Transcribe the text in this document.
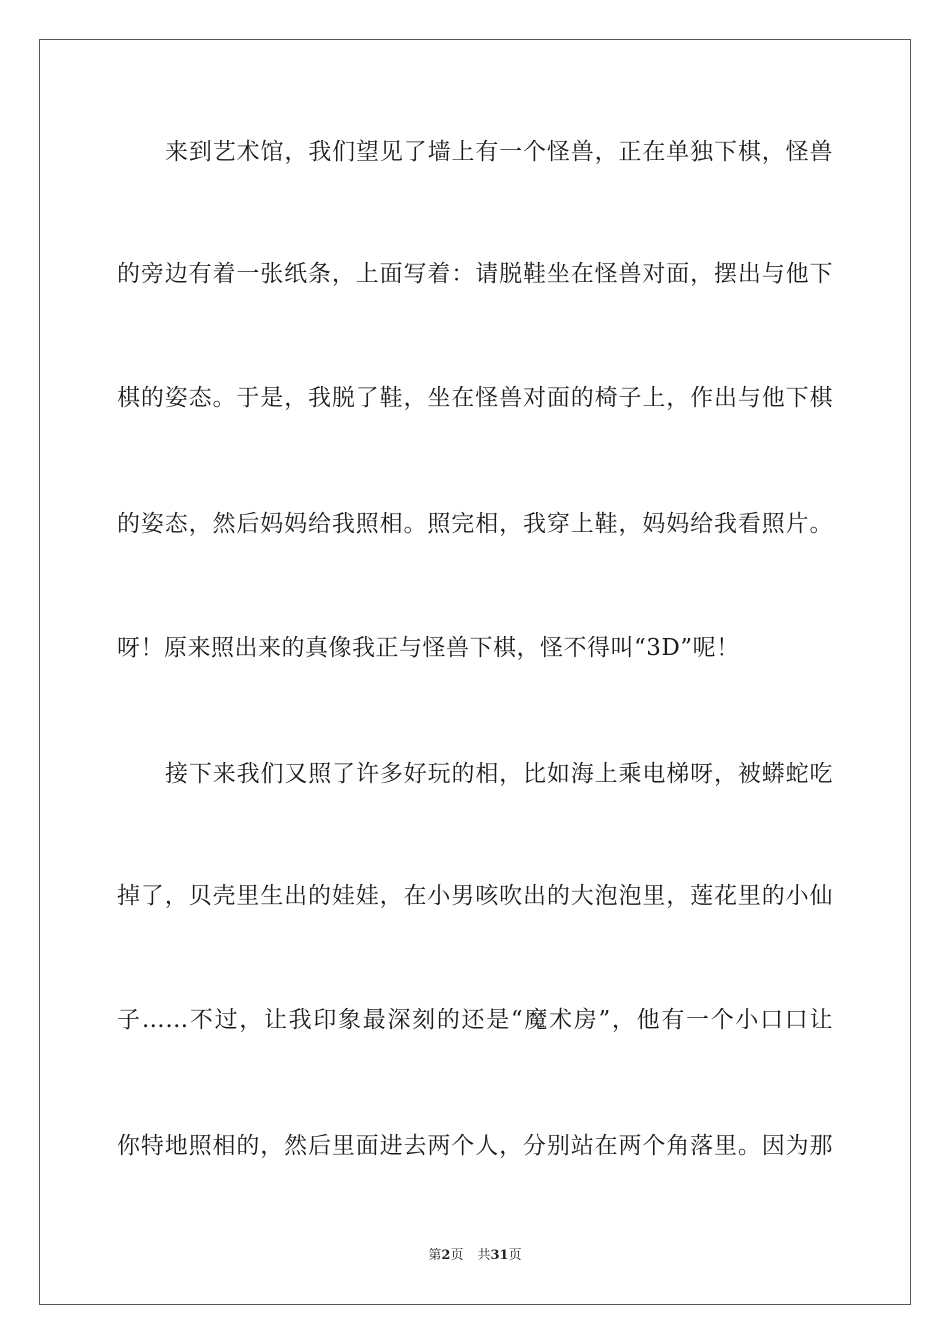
来到艺术馆，我们望见了墙上有一个怪兽，正在单独下棋，怪兽
的旁边有着一张纸条，上面写着：请脱鞋坐在怪兽对面，摆出与他下
棋的姿态。于是，我脱了鞋，坐在怪兽对面的椅子上，作出与他下棋
的姿态，然后妈妈给我照相。照完相，我穿上鞋，妈妈给我看照片。
呀！原来照出来的真像我正与怪兽下棋，怪不得叫“3D”呢！
接下来我们又照了许多好玩的相，比如海上乘电梯呀，被蟒蛇吃
掉了，贝壳里生出的娃娃，在小男咳吹出的大泡泡里，莲花里的小仙
子……不过，让我印象最深刻的还是“魔术房”，他有一个小口口让
你特地照相的，然后里面进去两个人，分别站在两个角落里。因为那
第2页 共31页
